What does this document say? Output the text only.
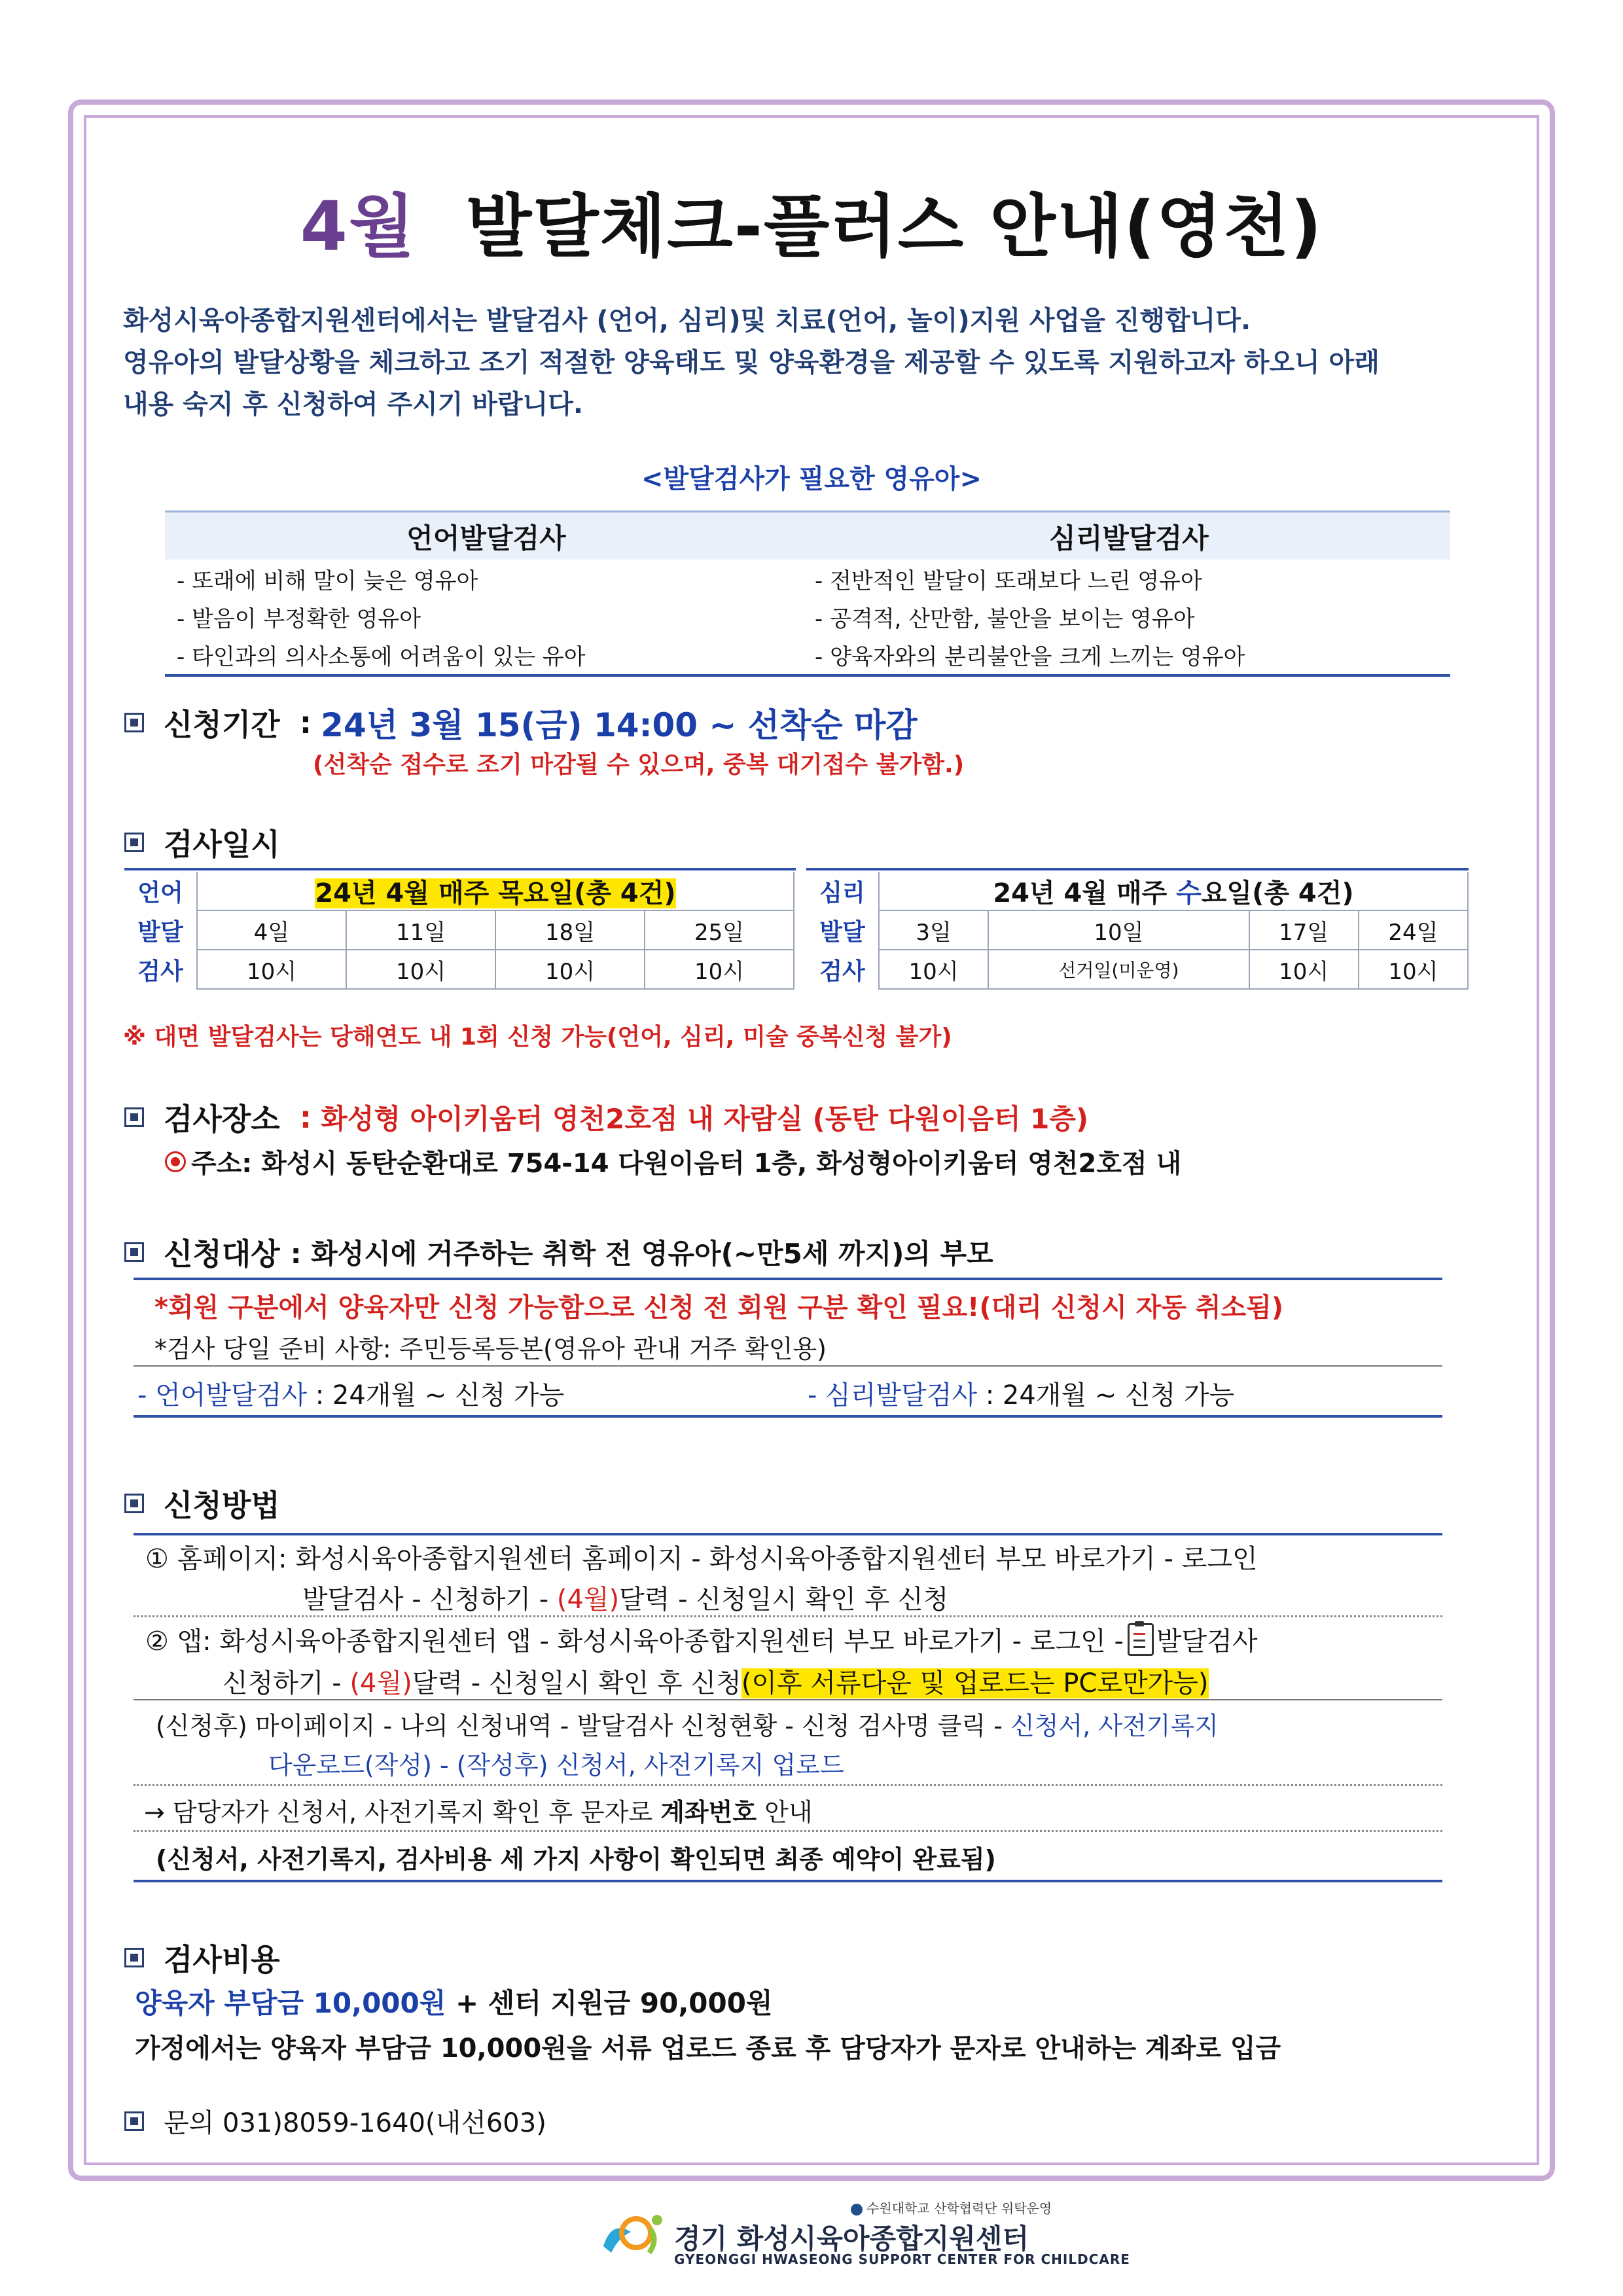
4월 발달체크-플러스 안내(영천)
화성시육아종합지원센터에서는 발달검사 (언어, 심리)및 치료(언어, 놀이)지원 사업을 진행합니다.
영유아의 발달상황을 체크하고 조기 적절한 양육태도 및 양육환경을 제공할 수 있도록 지원하고자 하오니 아래
내용 숙지 후 신청하여 주시기 바랍니다.
<발달검사가 필요한 영유아>
언어발달검사	심리발달검사
- 또래에 비해 말이 늦은 영유아
- 발음이 부정확한 영유아
- 타인과의 의사소통에 어려움이 있는 유아
- 전반적인 발달이 또래보다 느린 영유아
- 공격적, 산만함, 불안을 보이는 영유아
- 양육자와의 분리불안을 크게 느끼는 영유아
신청기간
: 24년 3월 15(금) 14:00 ~ 선착순 마감
(선착순 접수로 조기 마감될 수 있으며, 중복 대기접수 불가함.)
검사일시
언어	24년 4월 매주 목요일(총 4건)			
발달	4일	11일	18일	25일
검사	10시	10시	10시	10시
심리	24년 4월 매주 수요일(총 4건)			
발달	3일	10일	17일	24일
검사	10시	선거일(미운영)	10시	10시
※ 대면 발달검사는 당해연도 내 1회 신청 가능(언어, 심리, 미술 중복신청 불가)
검사장소
: 화성형 아이키움터 영천2호점 내 자람실 (동탄 다원이음터 1층)
주소: 화성시 동탄순환대로 754-14 다원이음터 1층, 화성형아이키움터 영천2호점 내
신청대상
: 화성시에 거주하는 취학 전 영유아(~만5세 까지)의 부모
*회원 구분에서 양육자만 신청 가능함으로 신청 전 회원 구분 확인 필요!(대리 신청시 자동 취소됨)
*검사 당일 준비 사항: 주민등록등본(영유아 관내 거주 확인용)
- 언어발달검사 : 24개월 ~ 신청 가능	- 심리발달검사 : 24개월 ~ 신청 가능
신청방법
① 홈페이지: 화성시육아종합지원센터 홈페이지 - 화성시육아종합지원센터 부모 바로가기 - 로그인
발달검사 - 신청하기 - (4월)달력 - 신청일시 확인 후 신청
② 앱: 화성시육아종합지원센터 앱 - 화성시육아종합지원센터 부모 바로가기 - 로그인 - 발달검사
신청하기 - (4월)달력 - 신청일시 확인 후 신청(이후 서류다운 및 업로드는 PC로만가능)
(신청후) 마이페이지 - 나의 신청내역 - 발달검사 신청현황 - 신청 검사명 클릭 - 신청서, 사전기록지
다운로드(작성) - (작성후) 신청서, 사전기록지 업로드
→ 담당자가 신청서, 사전기록지 확인 후 문자로 계좌번호 안내
(신청서, 사전기록지, 검사비용 세 가지 사항이 확인되면 최종 예약이 완료됨)
검사비용
양육자 부담금 10,000원 + 센터 지원금 90,000원
가정에서는 양육자 부담금 10,000원을 서류 업로드 종료 후 담당자가 문자로 안내하는 계좌로 입금
문의 031)8059-1640(내선603)
수원대학교 산학협력단 위탁운영
경기 화성시육아종합지원센터
GYEONGGI HWASEONG SUPPORT CENTER FOR CHILDCARE
